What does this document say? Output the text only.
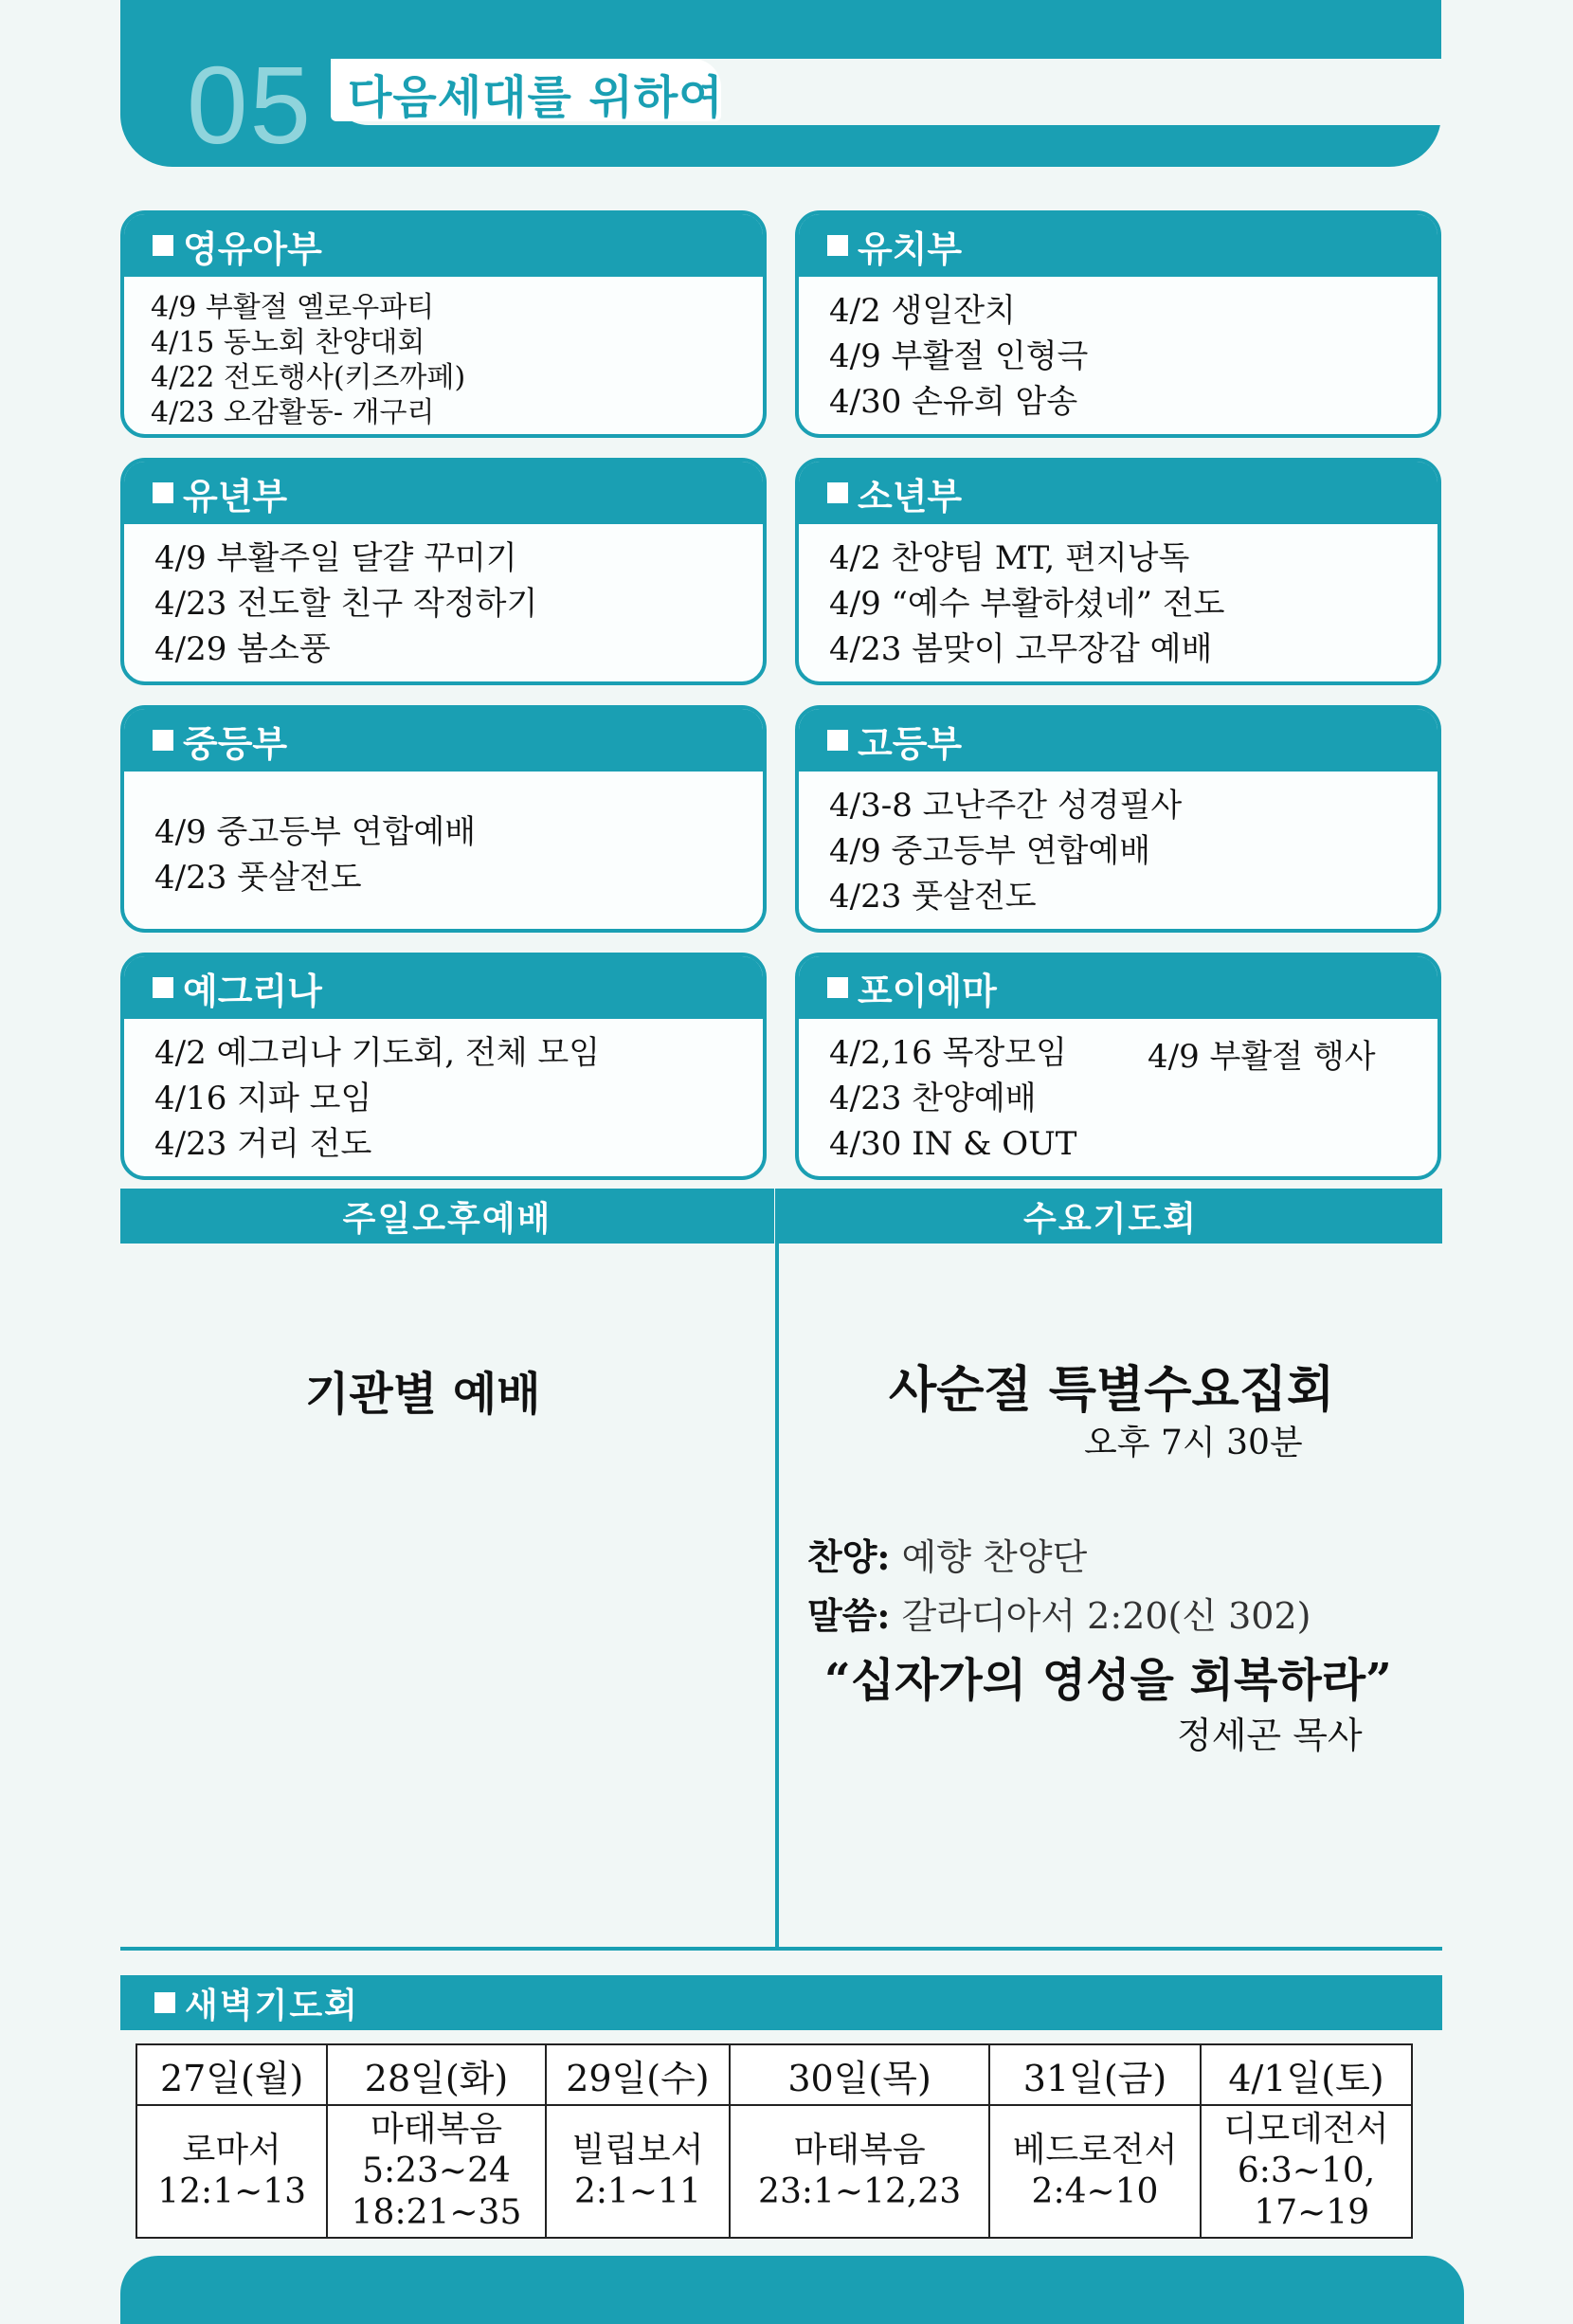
05 다음세대를 위하여
영유아부
4/9 부활절 옐로우파티
4/15 동노회 찬양대회
4/22 전도행사(키즈까페)
4/23 오감활동- 개구리
유치부
4/2 생일잔치
4/9 부활절 인형극
4/30 손유희 암송
유년부
4/9 부활주일 달걀 꾸미기
4/23 전도할 친구 작정하기
4/29 봄소풍
소년부
4/2 찬양팀 MT, 편지낭독
4/9 “예수 부활하셨네” 전도
4/23 봄맞이 고무장갑 예배
중등부
4/9 중고등부 연합예배
4/23 풋살전도
고등부
4/3-8 고난주간 성경필사
4/9 중고등부 연합예배
4/23 풋살전도
예그리나
4/2 예그리나 기도회, 전체 모임
4/16 지파 모임
4/23 거리 전도
포이에마
4/2,16 목장모임
4/23 찬양예배
4/30 IN & OUT
4/9 부활절 행사
주일오후예배	수요기도회
기관별 예배	사순절 특별수요집회
오후 7시 30분
찬양: 예향 찬양단
말씀: 갈라디아서 2:20(신 302)
“십자가의 영성을 회복하라”
정세곤 목사
새벽기도회
27일(월)	28일(화)	29일(수)	30일(목)	31일(금)	4/1일(토)
로마서
12:1~13	마태복음
5:23~24
18:21~35	빌립보서
2:1~11	마태복음
23:1~12,23	베드로전서
2:4~10	디모데전서
6:3~10,
17~19
